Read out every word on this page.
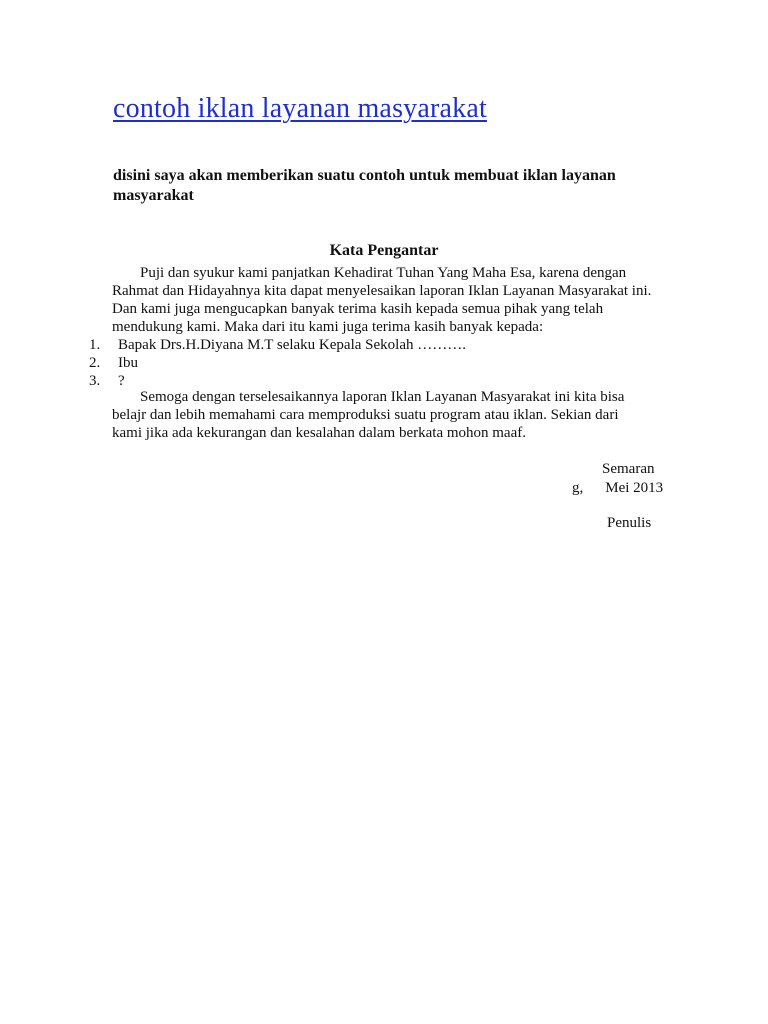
contoh iklan layanan masyarakat

disini saya akan memberikan suatu contoh untuk membuat iklan layanan masyarakat

Kata Pengantar

Puji dan syukur kami panjatkan Kehadirat Tuhan Yang Maha Esa, karena dengan Rahmat dan Hidayahnya kita dapat menyelesaikan laporan Iklan Layanan Masyarakat ini. Dan kami juga mengucapkan banyak terima kasih kepada semua pihak yang telah mendukung kami. Maka dari itu kami juga terima kasih banyak kepada:

1.	Bapak Drs.H.Diyana M.T selaku Kepala Sekolah ……….
2.	Ibu
3.	?

Semoga dengan terselesaikannya laporan Iklan Layanan Masyarakat ini kita bisa belajr dan lebih memahami cara memproduksi suatu program atau iklan. Sekian dari kami jika ada kekurangan dan kesalahan dalam berkata mohon maaf.

Semaran
g, Mei 2013
Penulis
